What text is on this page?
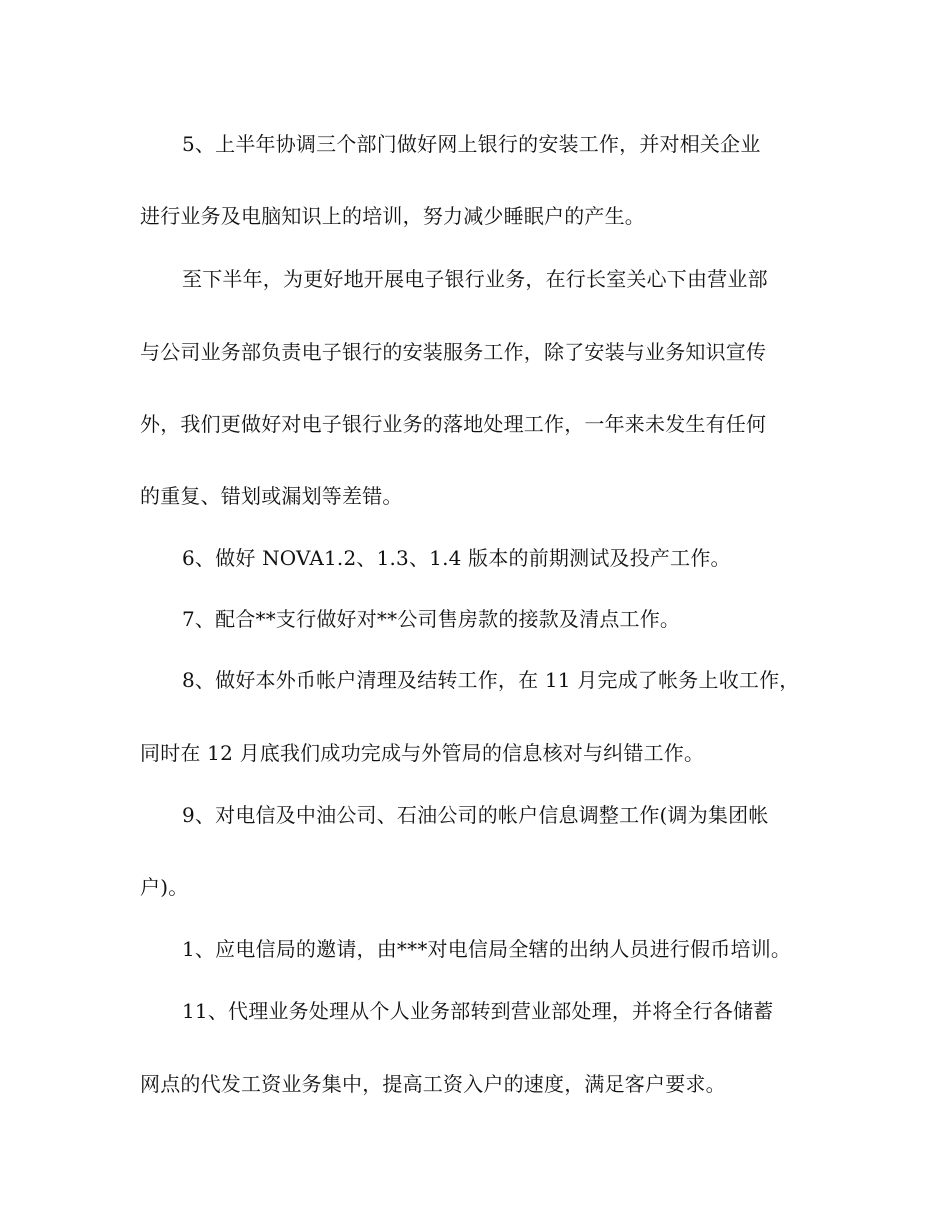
5、上半年协调三个部门做好网上银行的安装工作，并对相关企业
进行业务及电脑知识上的培训，努力减少睡眠户的产生。
至下半年，为更好地开展电子银行业务，在行长室关心下由营业部
与公司业务部负责电子银行的安装服务工作，除了安装与业务知识宣传
外，我们更做好对电子银行业务的落地处理工作，一年来未发生有任何
的重复、错划或漏划等差错。
6、做好 NOVA1.2、1.3、1.4 版本的前期测试及投产工作。
7、配合**支行做好对**公司售房款的接款及清点工作。
8、做好本外币帐户清理及结转工作，在 11 月完成了帐务上收工作，
同时在 12 月底我们成功完成与外管局的信息核对与纠错工作。
9、对电信及中油公司、石油公司的帐户信息调整工作(调为集团帐
户)。
1、应电信局的邀请，由***对电信局全辖的出纳人员进行假币培训。
11、代理业务处理从个人业务部转到营业部处理，并将全行各储蓄
网点的代发工资业务集中，提高工资入户的速度，满足客户要求。
